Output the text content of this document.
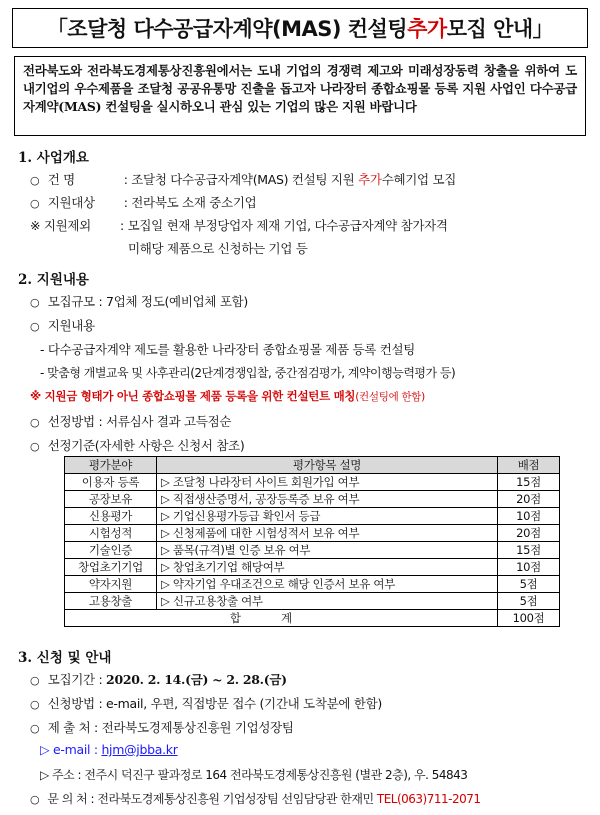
「조달청 다수공급자계약(MAS) 컨설팅 추가 모집 안내」
전라북도와 전라북도경제통상진흥원에서는 도내 기업의 경쟁력 제고와 미래성장동력 창출을 위하여 도내기업의 우수제품을 조달청 공공유통망 진출을 돕고자 나라장터 종합쇼핑몰 등록 지원 사업인 다수공급자계약(MAS) 컨설팅을 실시하오니 관심 있는 기업의 많은 지원 바랍니다
1. 사업개요
○ 건 명	: 조달청 다수공급자계약(MAS) 컨설팅 지원 추가수혜기업 모집
○ 지원대상 : 전라북도 소재 중소기업
※ 지원제외 : 모집일 현재 부정당업자 제재 기업, 다수공급자계약 참가자격
미해당 제품으로 신청하는 기업 등
2. 지원내용
○ 모집규모 : 7업체 정도(예비업체 포함)
○ 지원내용
- 다수공급자계약 제도를 활용한 나라장터 종합쇼핑몰 제품 등록 컨설팅
- 맞춤형 개별교육 및 사후관리(2단계경쟁입찰, 중간점검평가, 계약이행능력평가 등)
※ 지원금 형태가 아닌 종합쇼핑몰 제품 등록을 위한 컨설턴트 매칭(컨설팅에 한함)
○ 선정방법 : 서류심사 결과 고득점순
○ 선정기준(자세한 사항은 신청서 참조)
평가분야	평가항목 설명	배점
이용자 등록	▷ 조달청 나라장터 사이트 회원가입 여부	15점
공장보유	▷ 직접생산증명서, 공장등록증 보유 여부	20점
신용평가	▷ 기업신용평가등급 확인서 등급	10점
시험성적	▷ 신청제품에 대한 시험성적서 보유 여부	20점
기술인증	▷ 품목(규격)별 인증 보유 여부	15점
창업초기기업	▷ 창업초기기업 해당여부	10점
약자지원	▷ 약자기업 우대조건으로 해당 인증서 보유 여부	5점
고용창출	▷ 신규고용창출 여부	5점
합계		100점
3. 신청 및 안내
○ 모집기간 : 2020. 2. 14.(금) ~ 2. 28.(금)
○ 신청방법 : e-mail, 우편, 직접방문 접수 (기간내 도착분에 한함)
○ 제 출 처 : 전라북도경제통상진흥원 기업성장팀
▷ e-mail : hjm@jbba.kr
▷ 주소 : 전주시 덕진구 팔과정로 164 전라북도경제통상진흥원 (별관 2층), 우. 54843
○ 문 의 처 : 전라북도경제통상진흥원 기업성장팀 선임담당관 한재민 TEL(063)711-2071
